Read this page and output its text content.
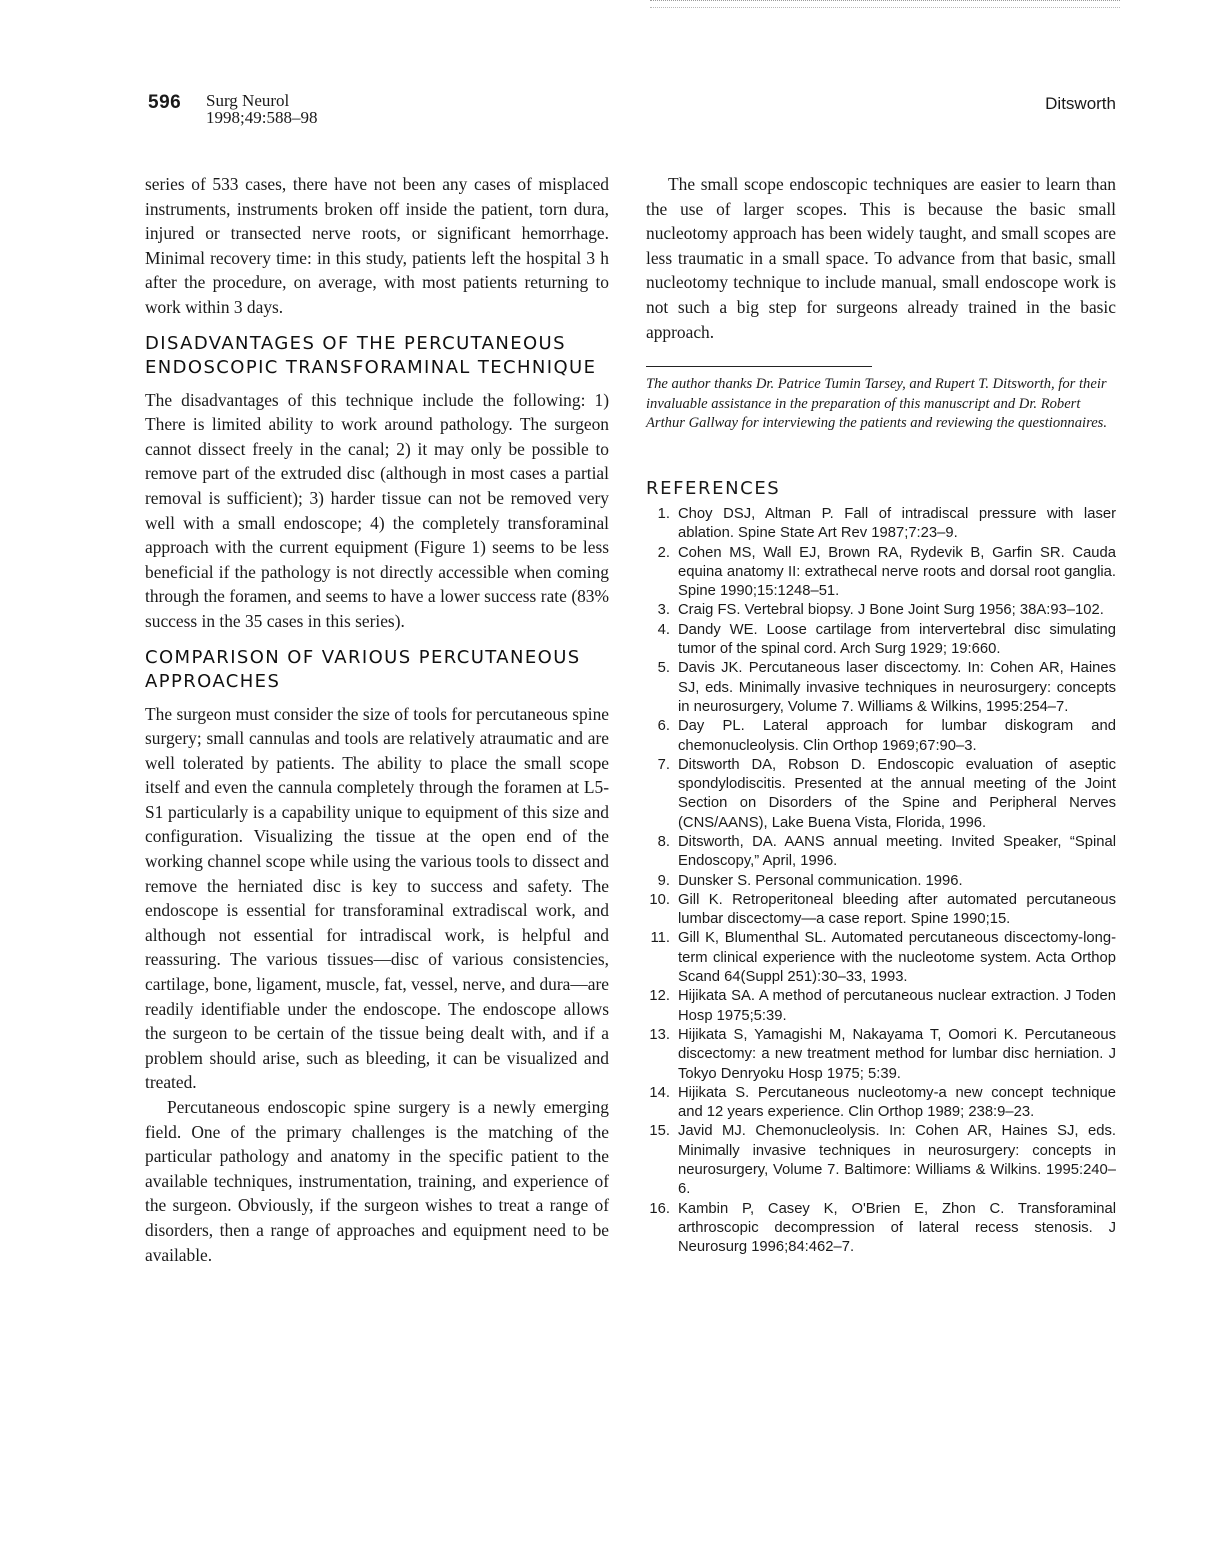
596 Surg Neurol
1998;49:588–98
Ditsworth

series of 533 cases, there have not been any cases of misplaced instruments, instruments broken off inside the patient, torn dura, injured or transected nerve roots, or significant hemorrhage. Minimal recovery time: in this study, patients left the hospital 3 h after the procedure, on average, with most patients returning to work within 3 days.

DISADVANTAGES OF THE PERCUTANEOUS ENDOSCOPIC TRANSFORAMINAL TECHNIQUE

The disadvantages of this technique include the following: 1) There is limited ability to work around pathology. The surgeon cannot dissect freely in the canal; 2) it may only be possible to remove part of the extruded disc (although in most cases a partial removal is sufficient); 3) harder tissue can not be removed very well with a small endoscope; 4) the completely transforaminal approach with the current equipment (Figure 1) seems to be less beneficial if the pathology is not directly accessible when coming through the foramen, and seems to have a lower success rate (83% success in the 35 cases in this series).

COMPARISON OF VARIOUS PERCUTANEOUS APPROACHES

The surgeon must consider the size of tools for percutaneous spine surgery; small cannulas and tools are relatively atraumatic and are well tolerated by patients. The ability to place the small scope itself and even the cannula completely through the foramen at L5-S1 particularly is a capability unique to equipment of this size and configuration. Visualizing the tissue at the open end of the working channel scope while using the various tools to dissect and remove the herniated disc is key to success and safety. The endoscope is essential for transforaminal extradiscal work, and although not essential for intradiscal work, is helpful and reassuring. The various tissues—disc of various consistencies, cartilage, bone, ligament, muscle, fat, vessel, nerve, and dura—are readily identifiable under the endoscope. The endoscope allows the surgeon to be certain of the tissue being dealt with, and if a problem should arise, such as bleeding, it can be visualized and treated.

Percutaneous endoscopic spine surgery is a newly emerging field. One of the primary challenges is the matching of the particular pathology and anatomy in the specific patient to the available techniques, instrumentation, training, and experience of the surgeon. Obviously, if the surgeon wishes to treat a range of disorders, then a range of approaches and equipment need to be available.

The small scope endoscopic techniques are easier to learn than the use of larger scopes. This is because the basic small nucleotomy approach has been widely taught, and small scopes are less traumatic in a small space. To advance from that basic, small nucleotomy technique to include manual, small endoscope work is not such a big step for surgeons already trained in the basic approach.

The author thanks Dr. Patrice Tumin Tarsey, and Rupert T. Ditsworth, for their invaluable assistance in the preparation of this manuscript and Dr. Robert Arthur Gallway for interviewing the patients and reviewing the questionnaires.

REFERENCES
1. Choy DSJ, Altman P. Fall of intradiscal pressure with laser ablation. Spine State Art Rev 1987;7:23–9.
2. Cohen MS, Wall EJ, Brown RA, Rydevik B, Garfin SR. Cauda equina anatomy II: extrathecal nerve roots and dorsal root ganglia. Spine 1990;15:1248–51.
3. Craig FS. Vertebral biopsy. J Bone Joint Surg 1956; 38A:93–102.
4. Dandy WE. Loose cartilage from intervertebral disc simulating tumor of the spinal cord. Arch Surg 1929; 19:660.
5. Davis JK. Percutaneous laser discectomy. In: Cohen AR, Haines SJ, eds. Minimally invasive techniques in neurosurgery: concepts in neurosurgery, Volume 7. Williams & Wilkins, 1995:254–7.
6. Day PL. Lateral approach for lumbar diskogram and chemonucleolysis. Clin Orthop 1969;67:90–3.
7. Ditsworth DA, Robson D. Endoscopic evaluation of aseptic spondylodiscitis. Presented at the annual meeting of the Joint Section on Disorders of the Spine and Peripheral Nerves (CNS/AANS), Lake Buena Vista, Florida, 1996.
8. Ditsworth, DA. AANS annual meeting. Invited Speaker, “Spinal Endoscopy,” April, 1996.
9. Dunsker S. Personal communication. 1996.
10. Gill K. Retroperitoneal bleeding after automated percutaneous lumbar discectomy—a case report. Spine 1990;15.
11. Gill K, Blumenthal SL. Automated percutaneous discectomy-long-term clinical experience with the nucleotome system. Acta Orthop Scand 64(Suppl 251):30–33, 1993.
12. Hijikata SA. A method of percutaneous nuclear extraction. J Toden Hosp 1975;5:39.
13. Hijikata S, Yamagishi M, Nakayama T, Oomori K. Percutaneous discectomy: a new treatment method for lumbar disc herniation. J Tokyo Denryoku Hosp 1975; 5:39.
14. Hijikata S. Percutaneous nucleotomy-a new concept technique and 12 years experience. Clin Orthop 1989; 238:9–23.
15. Javid MJ. Chemonucleolysis. In: Cohen AR, Haines SJ, eds. Minimally invasive techniques in neurosurgery: concepts in neurosurgery, Volume 7. Baltimore: Williams & Wilkins. 1995:240–6.
16. Kambin P, Casey K, O'Brien E, Zhon C. Transforaminal arthroscopic decompression of lateral recess stenosis. J Neurosurg 1996;84:462–7.
